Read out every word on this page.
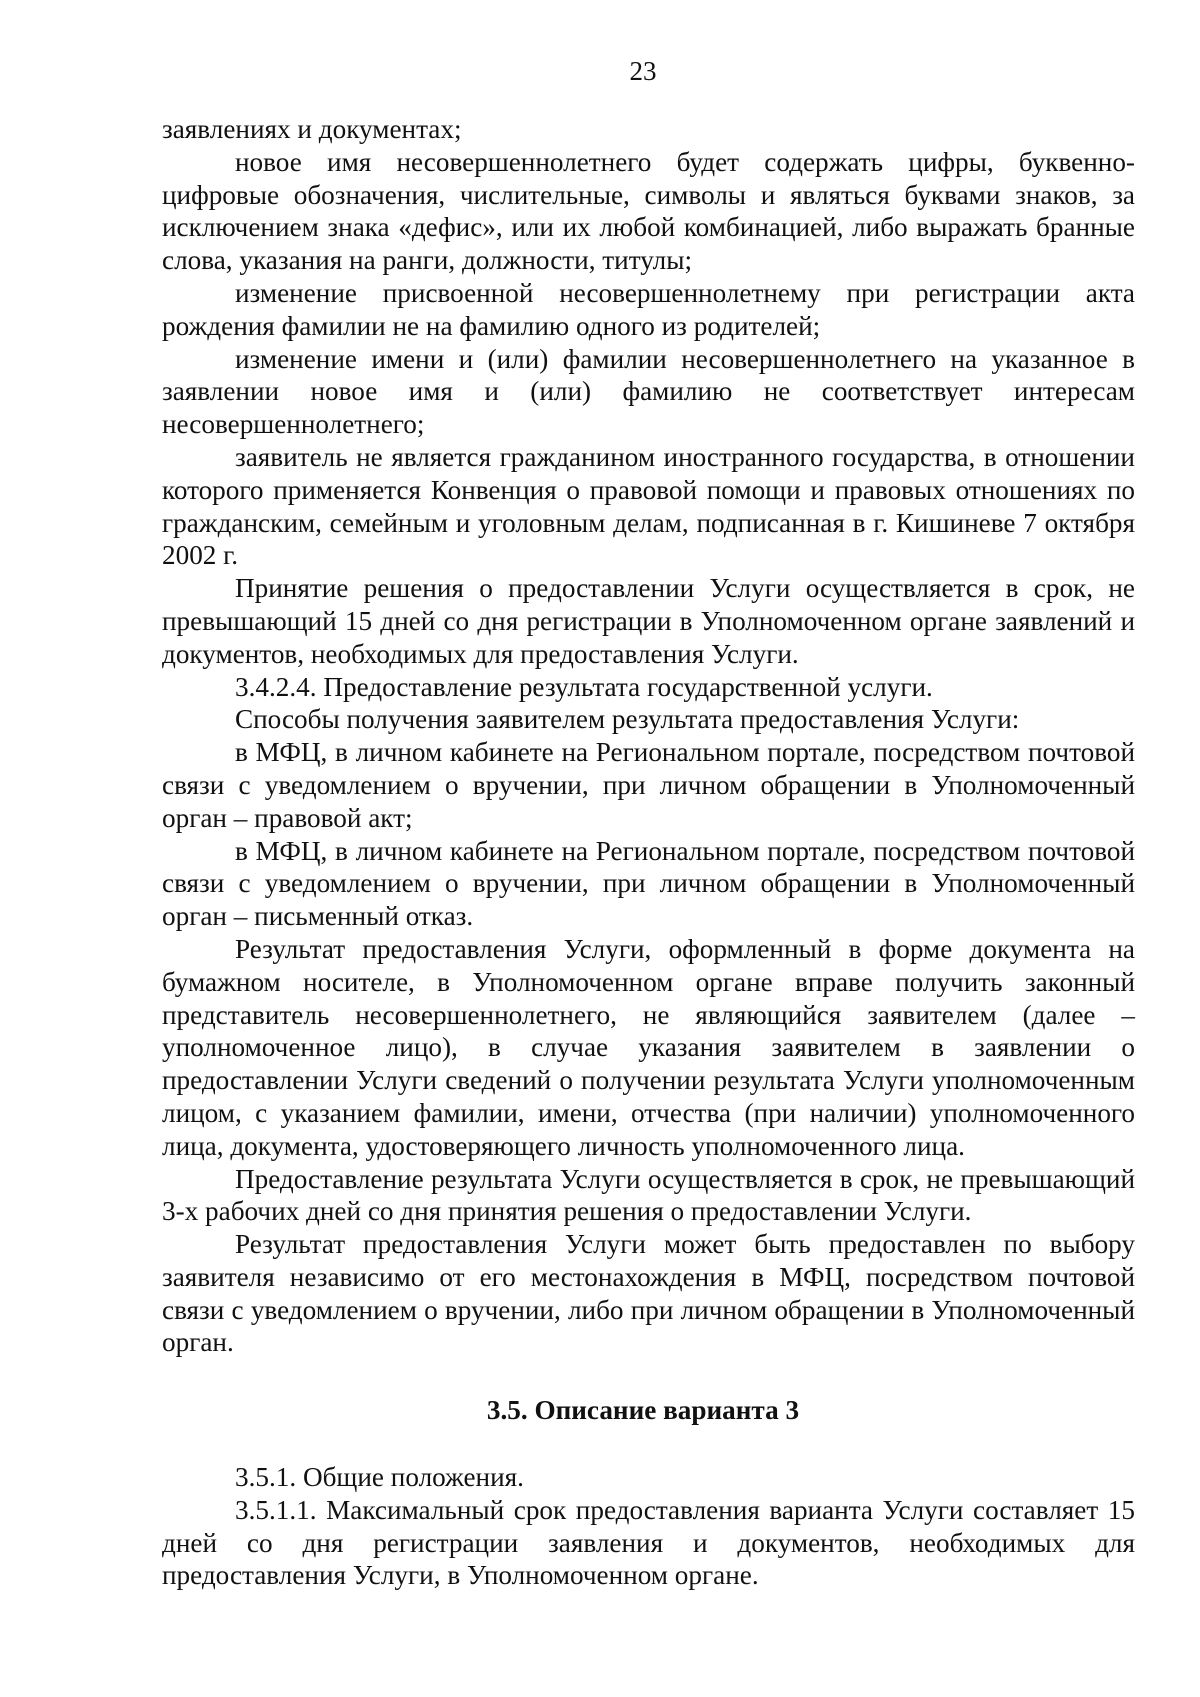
23

заявлениях и документах;

новое имя несовершеннолетнего будет содержать цифры, буквенно-цифровые обозначения, числительные, символы и являться буквами знаков, за исключением знака «дефис», или их любой комбинацией, либо выражать бранные слова, указания на ранги, должности, титулы;

изменение присвоенной несовершеннолетнему при регистрации акта рождения фамилии не на фамилию одного из родителей;

изменение имени и (или) фамилии несовершеннолетнего на указанное в заявлении новое имя и (или) фамилию не соответствует интересам несовершеннолетнего;

заявитель не является гражданином иностранного государства, в отношении которого применяется Конвенция о правовой помощи и правовых отношениях по гражданским, семейным и уголовным делам, подписанная в г. Кишиневе 7 октября 2002 г.

Принятие решения о предоставлении Услуги осуществляется в срок, не превышающий 15 дней со дня регистрации в Уполномоченном органе заявлений и документов, необходимых для предоставления Услуги.

3.4.2.4. Предоставление результата государственной услуги.

Способы получения заявителем результата предоставления Услуги:

в МФЦ, в личном кабинете на Региональном портале, посредством почтовой связи с уведомлением о вручении, при личном обращении в Уполномоченный орган – правовой акт;

в МФЦ, в личном кабинете на Региональном портале, посредством почтовой связи с уведомлением о вручении, при личном обращении в Уполномоченный орган – письменный отказ.

Результат предоставления Услуги, оформленный в форме документа на бумажном носителе, в Уполномоченном органе вправе получить законный представитель несовершеннолетнего, не являющийся заявителем (далее – уполномоченное лицо), в случае указания заявителем в заявлении о предоставлении Услуги сведений о получении результата Услуги уполномоченным лицом, с указанием фамилии, имени, отчества (при наличии) уполномоченного лица, документа, удостоверяющего личность уполномоченного лица.

Предоставление результата Услуги осуществляется в срок, не превышающий 3-х рабочих дней со дня принятия решения о предоставлении Услуги.

Результат предоставления Услуги может быть предоставлен по выбору заявителя независимо от его местонахождения в МФЦ, посредством почтовой связи с уведомлением о вручении, либо при личном обращении в Уполномоченный орган.

3.5. Описание варианта 3

3.5.1. Общие положения.

3.5.1.1. Максимальный срок предоставления варианта Услуги составляет 15 дней со дня регистрации заявления и документов, необходимых для предоставления Услуги, в Уполномоченном органе.
